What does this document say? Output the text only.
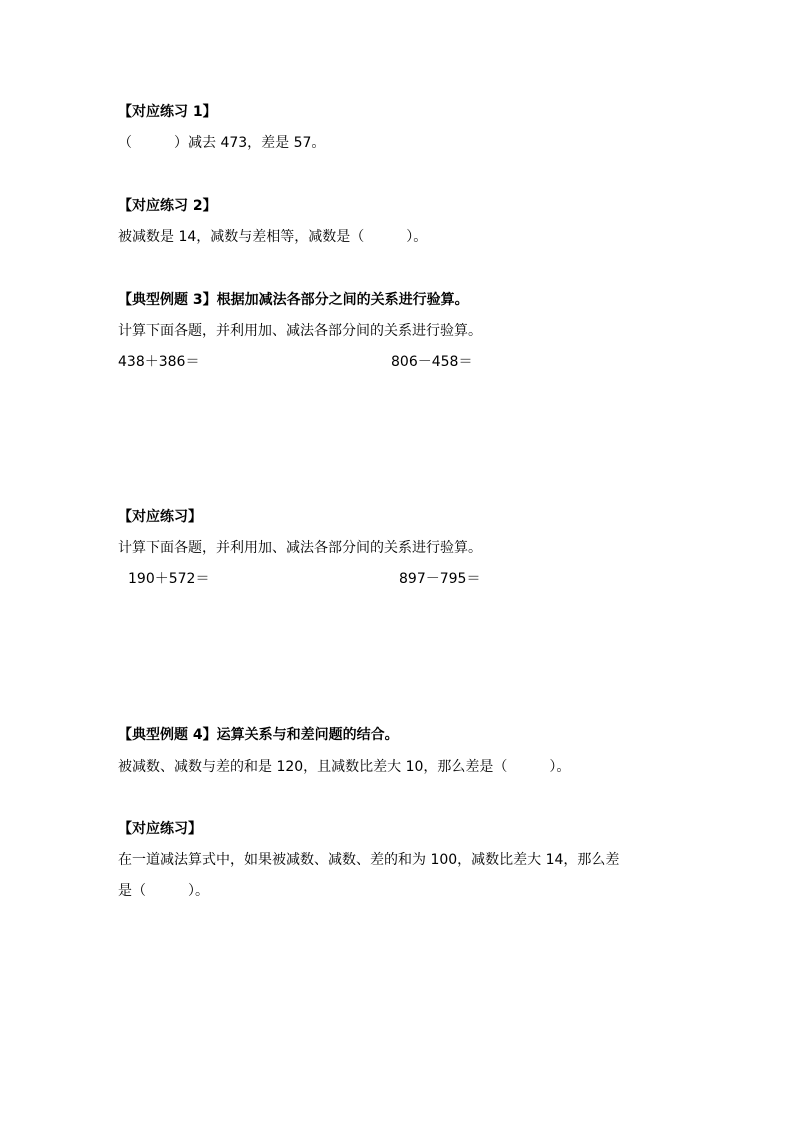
【对应练习 1】
（　　　）减去 473，差是 57。
【对应练习 2】
被减数是 14，减数与差相等，减数是（　　　）。
【典型例题 3】根据加减法各部分之间的关系进行验算。
计算下面各题，并利用加、减法各部分间的关系进行验算。
438＋386＝	806－458＝
【对应练习】
计算下面各题，并利用加、减法各部分间的关系进行验算。
190＋572＝	897－795＝
【典型例题 4】运算关系与和差问题的结合。
被减数、减数与差的和是 120，且减数比差大 10，那么差是（　　　）。
【对应练习】
在一道减法算式中，如果被减数、减数、差的和为 100，减数比差大 14，那么差
是（　　　）。
